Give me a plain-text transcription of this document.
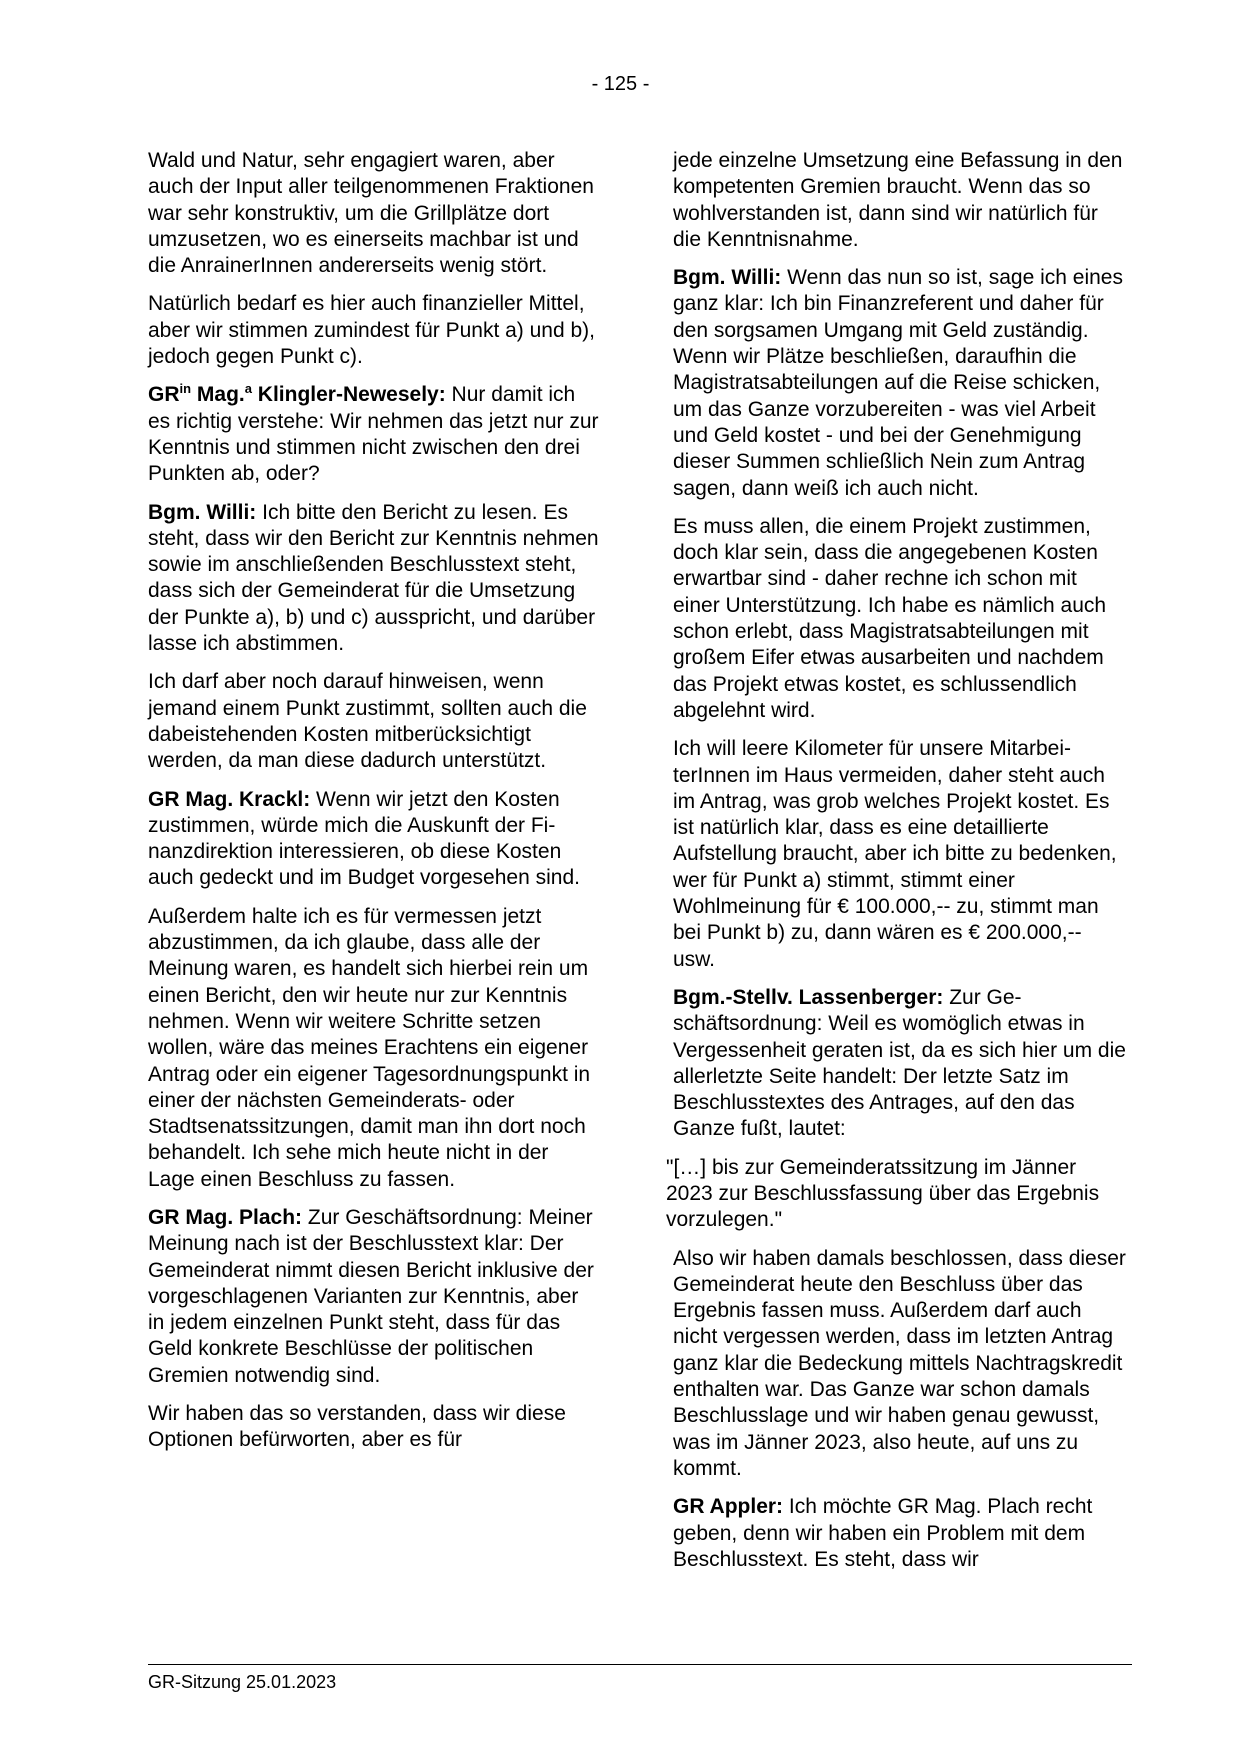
- 125 -

Wald und Natur, sehr engagiert waren, aber auch der Input aller teilgenommenen Fraktionen war sehr konstruktiv, um die Grillplätze dort umzusetzen, wo es einerseits machbar ist und die AnrainerInnen andererseits wenig stört.

Natürlich bedarf es hier auch finanzieller Mittel, aber wir stimmen zumindest für Punkt a) und b), jedoch gegen Punkt c).

$GR^{in}$ Mag.$^a$ Klingler-Newesely: Nur damit ich es richtig verstehe: Wir nehmen das jetzt nur zur Kenntnis und stimmen nicht zwischen den drei Punkten ab, oder?

Bgm. Willi: Ich bitte den Bericht zu lesen. Es steht, dass wir den Bericht zur Kenntnis nehmen sowie im anschließenden Beschlusstext steht, dass sich der Gemeinderat für die Umsetzung der Punkte a), b) und c) ausspricht, und darüber lasse ich abstimmen.

Ich darf aber noch darauf hinweisen, wenn jemand einem Punkt zustimmt, sollten auch die dabeistehenden Kosten mitberücksichtigt werden, da man diese dadurch unterstützt.

GR Mag. Krackl: Wenn wir jetzt den Kosten zustimmen, würde mich die Auskunft der Finanzdirektion interessieren, ob diese Kosten auch gedeckt und im Budget vorgesehen sind.

Außerdem halte ich es für vermessen jetzt abzustimmen, da ich glaube, dass alle der Meinung waren, es handelt sich hierbei rein um einen Bericht, den wir heute nur zur Kenntnis nehmen. Wenn wir weitere Schritte setzen wollen, wäre das meines Erachtens ein eigener Antrag oder ein eigener Tagesordnungspunkt in einer der nächsten Gemeinderats- oder Stadtsenatssitzungen, damit man ihn dort noch behandelt. Ich sehe mich heute nicht in der Lage einen Beschluss zu fassen.

GR Mag. Plach: Zur Geschäftsordnung: Meiner Meinung nach ist der Beschlusstext klar: Der Gemeinderat nimmt diesen Bericht inklusive der vorgeschlagenen Varianten zur Kenntnis, aber in jedem einzelnen Punkt steht, dass für das Geld konkrete Beschlüsse der politischen Gremien notwendig sind.

Wir haben das so verstanden, dass wir diese Optionen befürworten, aber es für

jede einzelne Umsetzung eine Befassung in den kompetenten Gremien braucht. Wenn das so wohlverstanden ist, dann sind wir natürlich für die Kenntnisnahme.

Bgm. Willi: Wenn das nun so ist, sage ich eines ganz klar: Ich bin Finanzreferent und daher für den sorgsamen Umgang mit Geld zuständig. Wenn wir Plätze beschließen, daraufhin die Magistratsabteilungen auf die Reise schicken, um das Ganze vorzubereiten - was viel Arbeit und Geld kostet - und bei der Genehmigung dieser Summen schließlich Nein zum Antrag sagen, dann weiß ich auch nicht.

Es muss allen, die einem Projekt zustimmen, doch klar sein, dass die angegebenen Kosten erwartbar sind - daher rechne ich schon mit einer Unterstützung. Ich habe es nämlich auch schon erlebt, dass Magistratsabteilungen mit großem Eifer etwas ausarbeiten und nachdem das Projekt etwas kostet, es schlussendlich abgelehnt wird.

Ich will leere Kilometer für unsere MitarbeiterInnen im Haus vermeiden, daher steht auch im Antrag, was grob welches Projekt kostet. Es ist natürlich klar, dass es eine detaillierte Aufstellung braucht, aber ich bitte zu bedenken, wer für Punkt a) stimmt, stimmt einer Wohlmeinung für € 100.000,-- zu, stimmt man bei Punkt b) zu, dann wären es € 200.000,-- usw.

Bgm.-Stellv. Lassenberger: Zur Geschäftsordnung: Weil es womöglich etwas in Vergessenheit geraten ist, da es sich hier um die allerletzte Seite handelt: Der letzte Satz im Beschlusstextes des Antrages, auf den das Ganze fußt, lautet:

"[…] bis zur Gemeinderatssitzung im Jänner 2023 zur Beschlussfassung über das Ergebnis vorzulegen."

Also wir haben damals beschlossen, dass dieser Gemeinderat heute den Beschluss über das Ergebnis fassen muss. Außerdem darf auch nicht vergessen werden, dass im letzten Antrag ganz klar die Bedeckung mittels Nachtragskredit enthalten war. Das Ganze war schon damals Beschlusslage und wir haben genau gewusst, was im Jänner 2023, also heute, auf uns zu kommt.

GR Appler: Ich möchte GR Mag. Plach recht geben, denn wir haben ein Problem mit dem Beschlusstext. Es steht, dass wir

GR-Sitzung 25.01.2023
